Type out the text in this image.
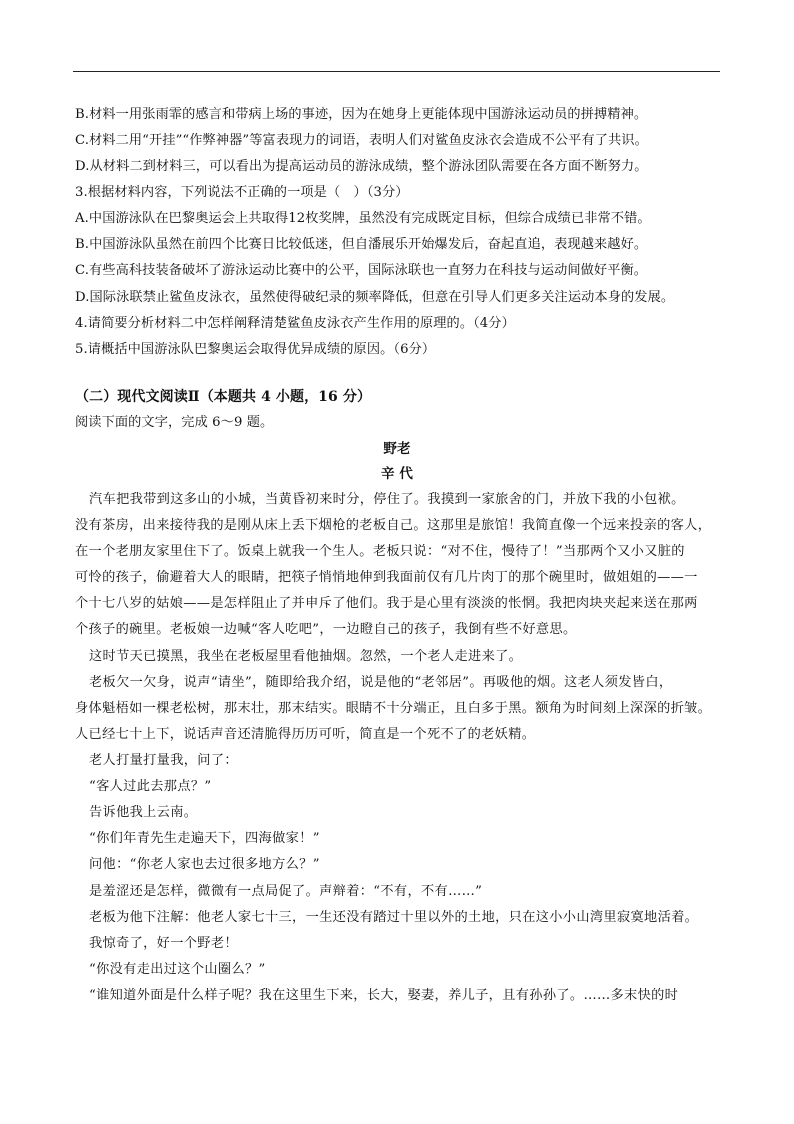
B.材料一用张雨霏的感言和带病上场的事迹，因为在她身上更能体现中国游泳运动员的拼搏精神。
C.材料二用“开挂”“作弊神器”等富表现力的词语，表明人们对鲨鱼皮泳衣会造成不公平有了共识。
D.从材料二到材料三，可以看出为提高运动员的游泳成绩，整个游泳团队需要在各方面不断努力。
3.根据材料内容，下列说法不正确的一项是（　）（3分）
A.中国游泳队在巴黎奥运会上共取得12枚奖牌，虽然没有完成既定目标，但综合成绩已非常不错。
B.中国游泳队虽然在前四个比赛日比较低迷，但自潘展乐开始爆发后，奋起直追，表现越来越好。
C.有些高科技装备破坏了游泳运动比赛中的公平，国际泳联也一直努力在科技与运动间做好平衡。
D.国际泳联禁止鲨鱼皮泳衣，虽然使得破纪录的频率降低，但意在引导人们更多关注运动本身的发展。
4.请简要分析材料二中怎样阐释清楚鲨鱼皮泳衣产生作用的原理的。（4分）
5.请概括中国游泳队巴黎奥运会取得优异成绩的原因。（6分）
（二）现代文阅读Ⅱ（本题共 4 小题，16 分）
阅读下面的文字，完成 6～9 题。
野老
辛 代
汽车把我带到这多山的小城，当黄昏初来时分，停住了。我摸到一家旅舍的门，并放下我的小包袱。
没有茶房，出来接待我的是刚从床上丢下烟枪的老板自己。这那里是旅馆！我简直像一个远来投亲的客人，
在一个老朋友家里住下了。饭桌上就我一个生人。老板只说：“对不住，慢待了！”当那两个又小又脏的
可怜的孩子，偷避着大人的眼睛，把筷子悄悄地伸到我面前仅有几片肉丁的那个碗里时，做姐姐的——一
个十七八岁的姑娘——是怎样阻止了并申斥了他们。我于是心里有淡淡的怅惘。我把肉块夹起来送在那两
个孩子的碗里。老板娘一边喊“客人吃吧”，一边瞪自己的孩子，我倒有些不好意思。
这时节天已摸黑，我坐在老板屋里看他抽烟。忽然，一个老人走进来了。
老板欠一欠身，说声“请坐”，随即给我介绍，说是他的“老邻居”。再吸他的烟。这老人须发皆白，
身体魁梧如一棵老松树，那末壮，那末结实。眼睛不十分端正，且白多于黑。额角为时间刻上深深的折皱。
人已经七十上下，说话声音还清脆得历历可听，简直是一个死不了的老妖精。
老人打量打量我，问了：
“客人过此去那点？”
告诉他我上云南。
“你们年青先生走遍天下，四海做家！”
问他：“你老人家也去过很多地方么？”
是羞涩还是怎样，微微有一点局促了。声辩着：“不有，不有……”
老板为他下注解：他老人家七十三，一生还没有踏过十里以外的土地，只在这小小山湾里寂寞地活着。
我惊奇了，好一个野老！
“你没有走出过这个山圈么？”
“谁知道外面是什么样子呢？我在这里生下来，长大，娶妻，养儿子，且有孙孙了。……多末快的时
